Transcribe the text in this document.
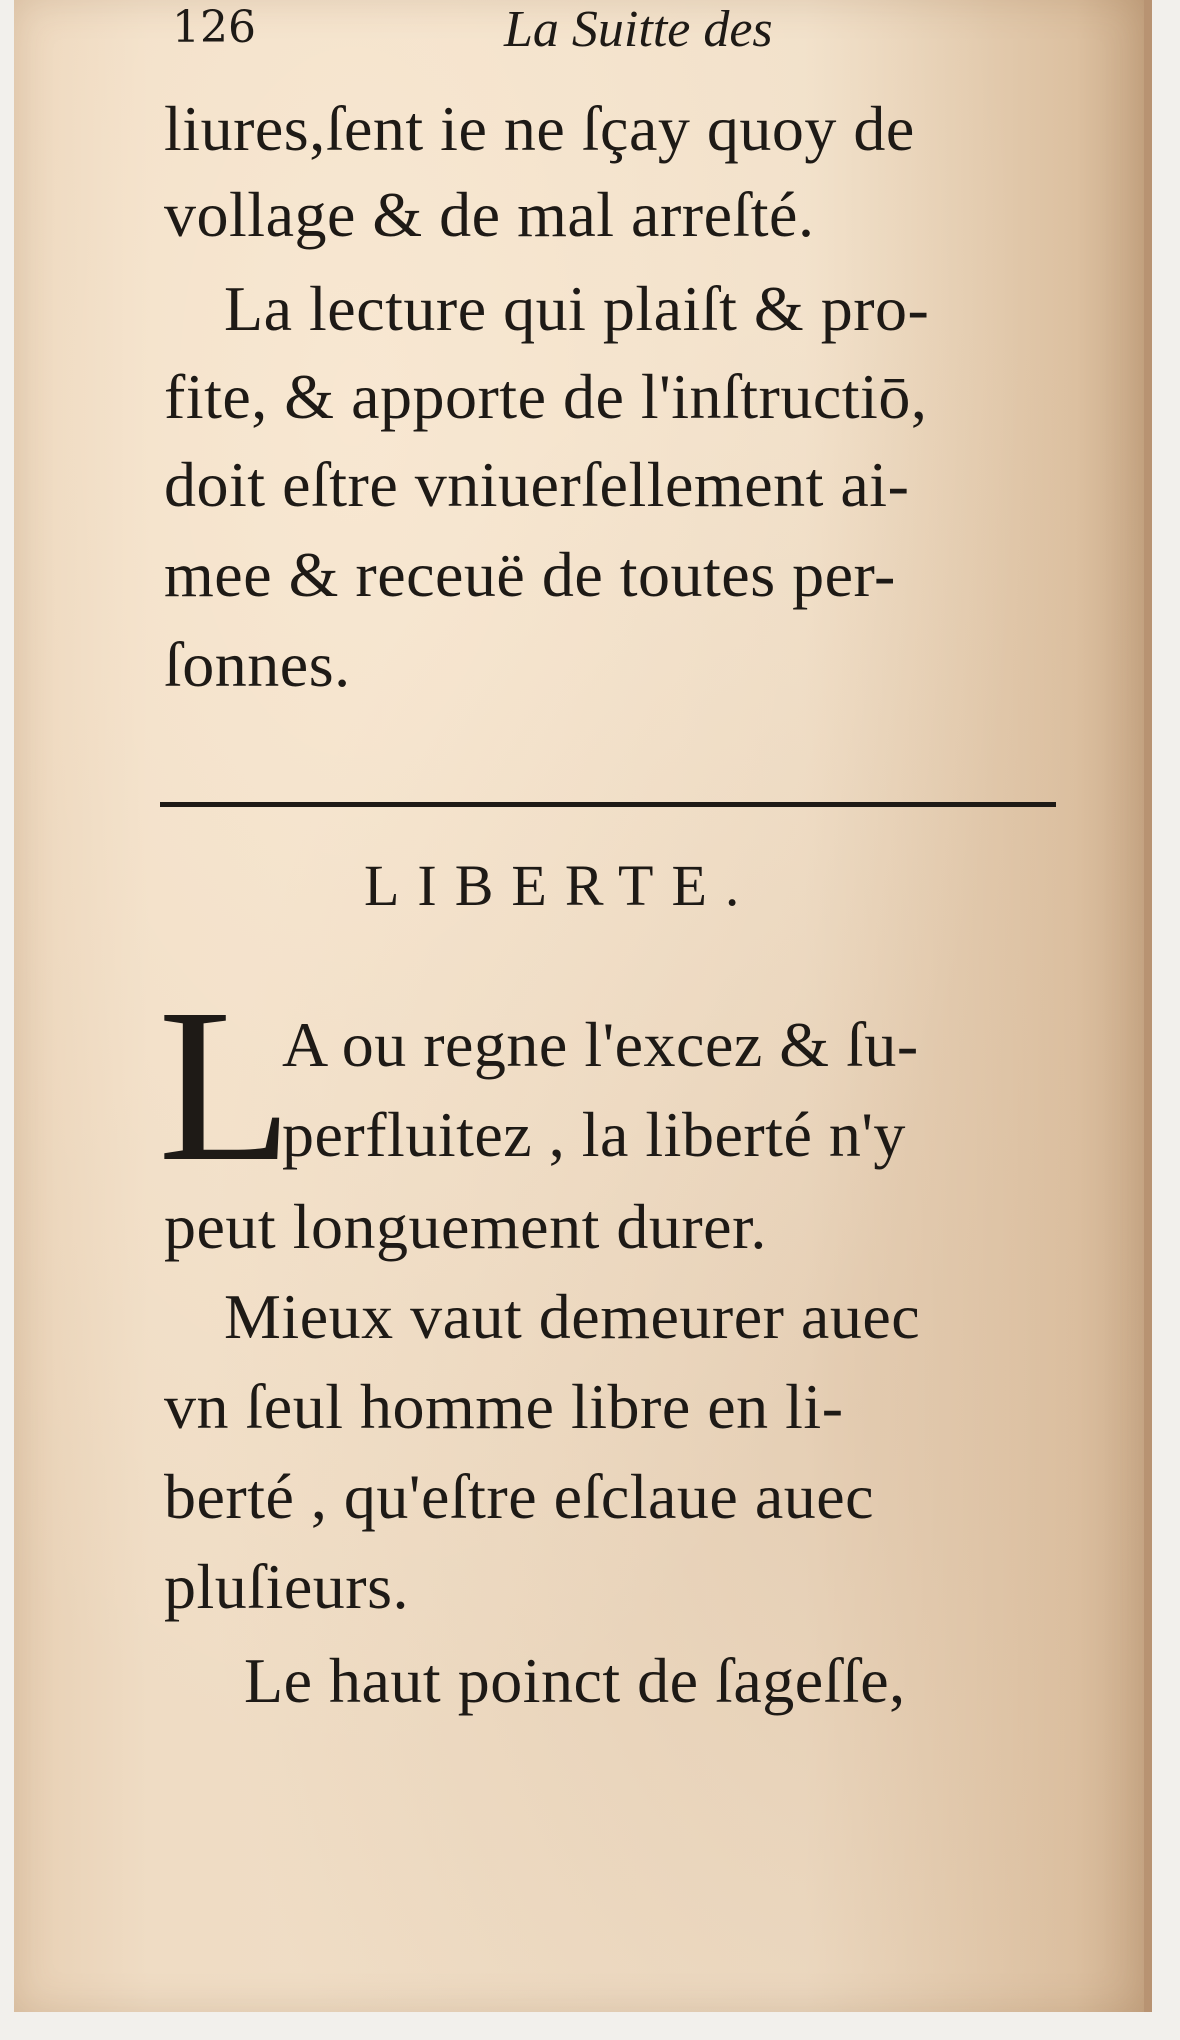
126	La Suitte des
liures,ſent ie ne ſçay quoy de
vollage & de mal arreſté.
La lecture qui plaiſt & pro-
fite, & apporte de l'inſtructiō,
doit eſtre vniuerſellement ai-
mee & receuë de toutes per-
ſonnes.
LIBERTE.
L
A ou regne l'excez & ſu-
perfluitez , la liberté n'y
peut longuement durer.
Mieux vaut demeurer auec
vn ſeul homme libre en li-
berté , qu'eſtre eſclaue auec
pluſieurs.
Le haut poinct de ſageſſe,
